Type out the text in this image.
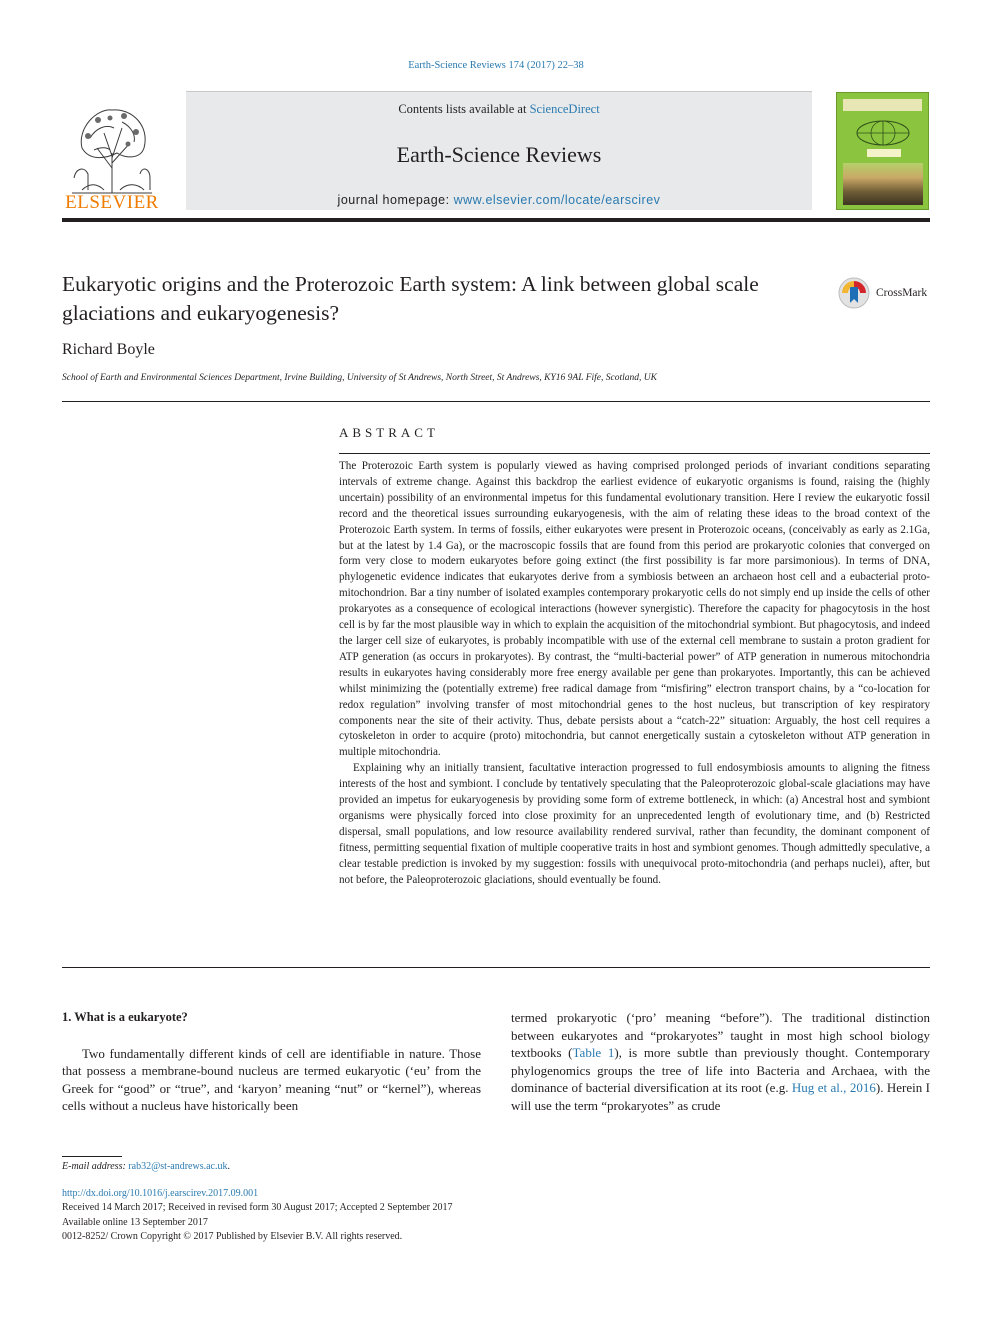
Earth-Science Reviews 174 (2017) 22–38
ELSEVIER
Contents lists available at ScienceDirect
Earth-Science Reviews
journal homepage: www.elsevier.com/locate/earscirev
Eukaryotic origins and the Proterozoic Earth system: A link between global scale glaciations and eukaryogenesis?
CrossMark
Richard Boyle
School of Earth and Environmental Sciences Department, Irvine Building, University of St Andrews, North Street, St Andrews, KY16 9AL Fife, Scotland, UK
ABSTRACT

The Proterozoic Earth system is popularly viewed as having comprised prolonged periods of invariant conditions separating intervals of extreme change. Against this backdrop the earliest evidence of eukaryotic organisms is found, raising the (highly uncertain) possibility of an environmental impetus for this fundamental evolutionary transition. Here I review the eukaryotic fossil record and the theoretical issues surrounding eukaryogenesis, with the aim of relating these ideas to the broad context of the Proterozoic Earth system. In terms of fossils, either eukaryotes were present in Proterozoic oceans, (conceivably as early as 2.1Ga, but at the latest by 1.4 Ga), or the macroscopic fossils that are found from this period are prokaryotic colonies that converged on form very close to modern eukaryotes before going extinct (the first possibility is far more parsimonious). In terms of DNA, phylogenetic evidence indicates that eukaryotes derive from a symbiosis between an archaeon host cell and a eubacterial proto-mitochondrion. Bar a tiny number of isolated examples contemporary prokaryotic cells do not simply end up inside the cells of other prokaryotes as a consequence of ecological interactions (however synergistic). Therefore the capacity for phagocytosis in the host cell is by far the most plausible way in which to explain the acquisition of the mitochondrial symbiont. But phagocytosis, and indeed the larger cell size of eukaryotes, is probably incompatible with use of the external cell membrane to sustain a proton gradient for ATP generation (as occurs in prokaryotes). By contrast, the “multi-bacterial power” of ATP generation in numerous mitochondria results in eukaryotes having considerably more free energy available per gene than prokaryotes. Importantly, this can be achieved whilst minimizing the (potentially extreme) free radical damage from “misfiring” electron transport chains, by a “co-location for redox regulation” involving transfer of most mitochondrial genes to the host nucleus, but transcription of key respiratory components near the site of their activity. Thus, debate persists about a “catch-22” situation: Arguably, the host cell requires a cytoskeleton in order to acquire (proto) mitochondria, but cannot energetically sustain a cytoskeleton without ATP generation in multiple mitochondria.

Explaining why an initially transient, facultative interaction progressed to full endosymbiosis amounts to aligning the fitness interests of the host and symbiont. I conclude by tentatively speculating that the Paleoproterozoic global-scale glaciations may have provided an impetus for eukaryogenesis by providing some form of extreme bottleneck, in which: (a) Ancestral host and symbiont organisms were physically forced into close proximity for an unprecedented length of evolutionary time, and (b) Restricted dispersal, small populations, and low resource availability rendered survival, rather than fecundity, the dominant component of fitness, permitting sequential fixation of multiple cooperative traits in host and symbiont genomes. Though admittedly speculative, a clear testable prediction is invoked by my suggestion: fossils with unequivocal proto-mitochondria (and perhaps nuclei), after, but not before, the Paleoproterozoic glaciations, should eventually be found.

1. What is a eukaryote?

Two fundamentally different kinds of cell are identifiable in nature. Those that possess a membrane-bound nucleus are termed eukaryotic (‘eu’ from the Greek for “good” or “true”, and ‘karyon’ meaning “nut” or “kernel”), whereas cells without a nucleus have historically been

termed prokaryotic (‘pro’ meaning “before”). The traditional distinction between eukaryotes and “prokaryotes” taught in most high school biology textbooks (Table 1), is more subtle than previously thought. Contemporary phylogenomics groups the tree of life into Bacteria and Archaea, with the dominance of bacterial diversification at its root (e.g. Hug et al., 2016). Herein I will use the term “prokaryotes” as crude

E-mail address: rab32@st-andrews.ac.uk.
http://dx.doi.org/10.1016/j.earscirev.2017.09.001
Received 14 March 2017; Received in revised form 30 August 2017; Accepted 2 September 2017
Available online 13 September 2017
0012-8252/ Crown Copyright © 2017 Published by Elsevier B.V. All rights reserved.
